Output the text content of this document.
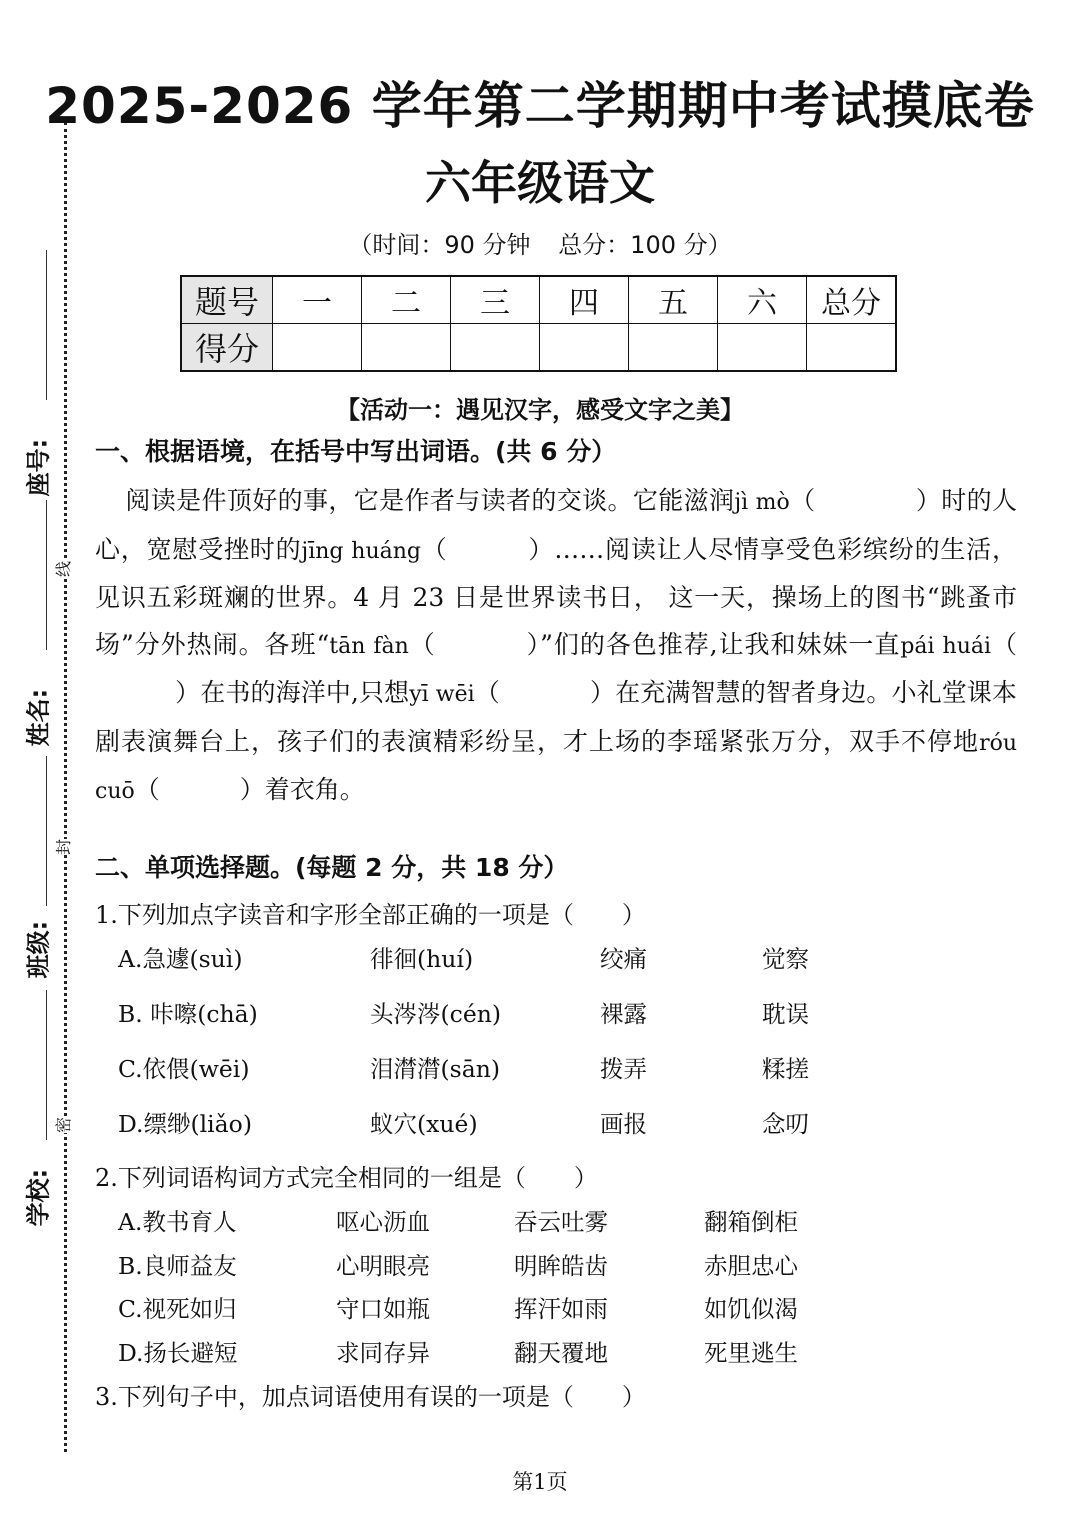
座号:
姓名:
班级:
学校:
线
封
密
2025-2026 学年第二学期期中考试摸底卷
六年级语文
（时间：90 分钟 总分：100 分）
题号	一	二	三	四	五	六	总分
得分							
【活动一：遇见汉字，感受文字之美】
一、根据语境，在括号中写出词语。(共 6 分）
阅读是件顶好的事，它是作者与读者的交谈。它能滋润jì mò（	）时的人心，宽慰受挫时的jīng huáng（	）……阅读让人尽情享受色彩缤纷的生活，见识五彩斑斓的世界。4 月 23 日是世界读书日， 这一天，操场上的图书“跳蚤市场”分外热闹。各班“tān fàn（	）”们的各色推荐,让我和妹妹一直pái huái（）在书的海洋中,只想yī wēi（	）在充满智慧的智者身边。小礼堂课本剧表演舞台上，孩子们的表演精彩纷呈，才上场的李瑶紧张万分，双手不停地róu cuō（	）着衣角。
二、单项选择题。(每题 2 分，共 18 分）
1.下列加点字读音和字形全部正确的一项是（　　）
A.急遽(suì)	徘徊(huí)	绞痛	觉察
B. 咔嚓(chā)	头涔涔(cén)	裸露	耽误
C.依偎(wēi)	泪潸潸(sān)	拨弄	糅搓
D.缥缈(liǎo)	蚁穴(xué)	画报	念叨
2.下列词语构词方式完全相同的一组是（　　）
A.教书育人	呕心沥血	吞云吐雾	翻箱倒柜
B.良师益友	心明眼亮	明眸皓齿	赤胆忠心
C.视死如归	守口如瓶	挥汗如雨	如饥似渴
D.扬长避短	求同存异	翻天覆地	死里逃生
3.下列句子中，加点词语使用有误的一项是（　　）
第1页
